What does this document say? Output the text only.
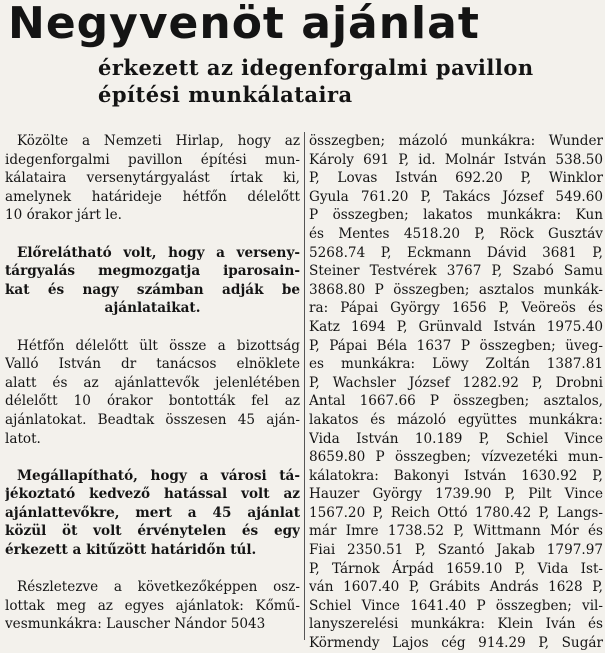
Negyvenöt ajánlat
érkezett az idegenforgalmi pavillon
építési munkálataira
Közölte a Nemzeti Hirlap, hogy az
idegenforgalmi pavillon építési mun-
kálataira versenytárgyalást írtak ki,
amelynek határideje hétfőn délelőtt
10 órakor járt le.
Előrelátható volt, hogy a verseny-
tárgyalás megmozgatja iparosain-
kat és nagy számban adják be
ajánlataikat.
Hétfőn délelőtt ült össze a bizottság
Valló István dr tanácsos elnöklete
alatt és az ajánlattevők jelenlétében
délelőtt 10 órakor bontották fel az
ajánlatokat. Beadtak összesen 45 aján-
latot.
Megállapítható, hogy a városi tá-
jékoztató kedvező hatással volt az
ajánlattevőkre, mert a 45 ajánlat
közül öt volt érvénytelen és egy
érkezett a kitűzött határidőn túl.
Részletezve a következőképpen osz-
lottak meg az egyes ajánlatok: Kőmű-
vesmunkákra: Lauscher Nándor 5043
összegben; mázoló munkákra: Wunder
Károly 691 P, id. Molnár István 538.50
P, Lovas István 692.20 P, Winklor
Gyula 761.20 P, Takács József 549.60
P összegben; lakatos munkákra: Kun
és Mentes 4518.20 P, Röck Gusztáv
5268.74 P, Eckmann Dávid 3681 P,
Steiner Testvérek 3767 P, Szabó Samu
3868.80 P összegben; asztalos munkák-
ra: Pápai György 1656 P, Veöreös és
Katz 1694 P, Grünvald István 1975.40
P, Pápai Béla 1637 P összegben; üveg-
es munkákra: Löwy Zoltán 1387.81
P, Wachsler József 1282.92 P, Drobni
Antal 1667.66 P összegben; asztalos,
lakatos és mázoló együttes munkákra:
Vida István 10.189 P, Schiel Vince
8659.80 P összegben; vízvezetéki mun-
kálatokra: Bakonyi István 1630.92 P,
Hauzer György 1739.90 P, Pilt Vince
1567.20 P, Reich Ottó 1780.42 P, Langs-
már Imre 1738.52 P, Wittmann Mór és
Fiai 2350.51 P, Szantó Jakab 1797.97
P, Tárnok Árpád 1659.10 P, Vida Ist-
ván 1607.40 P, Grábits András 1628 P,
Schiel Vince 1641.40 P összegben; vil-
lanyszerelési munkákra: Klein Iván és
Körmendy Lajos cég 914.29 P, Sugár
